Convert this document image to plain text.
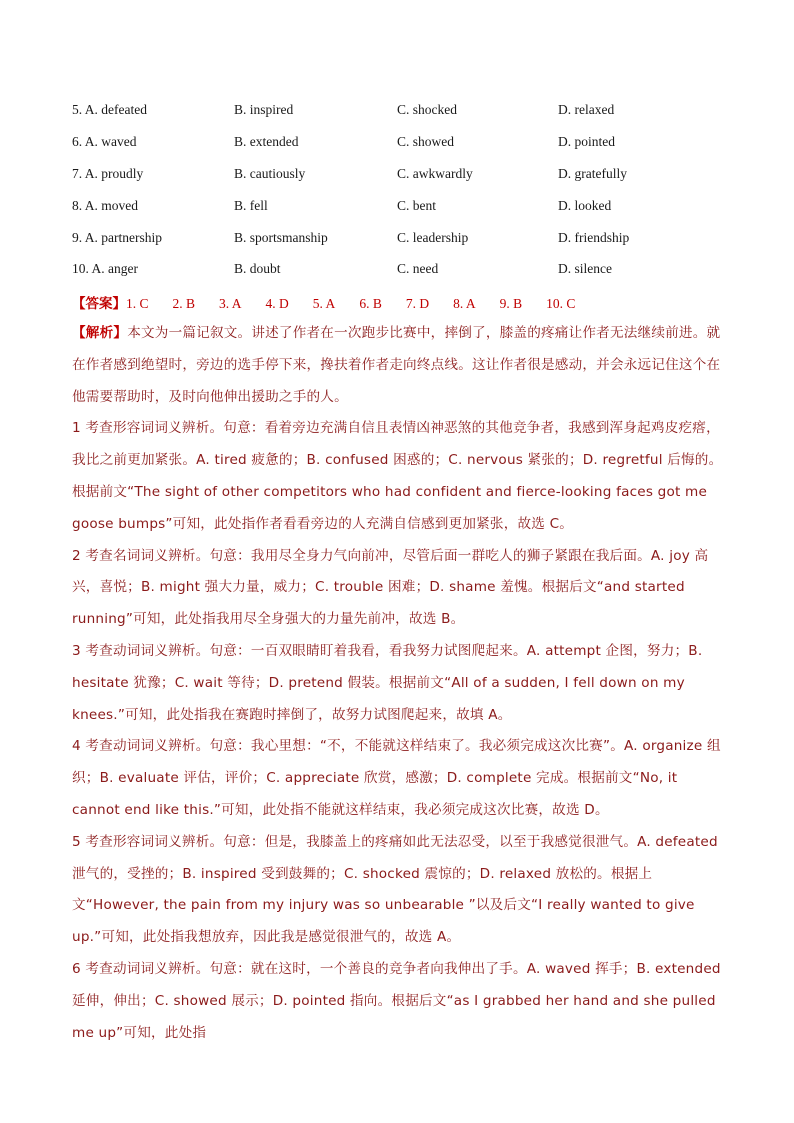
5. A. defeated	B. inspired	C. shocked	D. relaxed
6. A. waved	B. extended	C. showed	D. pointed
7. A. proudly	B. cautiously	C. awkwardly	D. gratefully
8. A. moved	B. fell	C. bent	D. looked
9. A. partnership	B. sportsmanship	C. leadership	D. friendship
10. A. anger	B. doubt	C. need	D. silence
【答案】1. C 2. B 3. A 4. D 5. A 6. B 7. D 8. A 9. B 10. C

【解析】本文为一篇记叙文。讲述了作者在一次跑步比赛中，摔倒了，膝盖的疼痛让作者无法继续前进。就在作者感到绝望时，旁边的选手停下来，搀扶着作者走向终点线。这让作者很是感动，并会永远记住这个在他需要帮助时，及时向他伸出援助之手的人。

1 考查形容词词义辨析。句意：看着旁边充满自信且表情凶神恶煞的其他竞争者，我感到浑身起鸡皮疙瘩，我比之前更加紧张。A. tired 疲惫的；B. confused 困惑的；C. nervous 紧张的；D. regretful 后悔的。根据前文“The sight of other competitors who had confident and fierce-looking faces got me goose bumps”可知，此处指作者看看旁边的人充满自信感到更加紧张，故选 C。

2 考查名词词义辨析。句意：我用尽全身力气向前冲，尽管后面一群吃人的狮子紧跟在我后面。A. joy 高兴，喜悦；B. might 强大力量，威力；C. trouble 困难；D. shame 羞愧。根据后文“and started running”可知，此处指我用尽全身强大的力量先前冲，故选 B。

3 考查动词词义辨析。句意：一百双眼睛盯着我看，看我努力试图爬起来。A. attempt 企图，努力；B. hesitate 犹豫；C. wait 等待；D. pretend 假装。根据前文“All of a sudden, I fell down on my knees.”可知，此处指我在赛跑时摔倒了，故努力试图爬起来，故填 A。

4 考查动词词义辨析。句意：我心里想：“不，不能就这样结束了。我必须完成这次比赛”。A. organize 组织；B. evaluate 评估，评价；C. appreciate 欣赏，感激；D. complete 完成。根据前文“No, it cannot end like this.”可知，此处指不能就这样结束，我必须完成这次比赛，故选 D。

5 考查形容词词义辨析。句意：但是，我膝盖上的疼痛如此无法忍受，以至于我感觉很泄气。A. defeated 泄气的，受挫的；B. inspired 受到鼓舞的；C. shocked 震惊的；D. relaxed 放松的。根据上文“However, the pain from my injury was so unbearable ”以及后文“I really wanted to give up.”可知，此处指我想放弃，因此我是感觉很泄气的，故选 A。

6 考查动词词义辨析。句意：就在这时，一个善良的竞争者向我伸出了手。A. waved 挥手；B. extended 延伸，伸出；C. showed 展示；D. pointed 指向。根据后文“as I grabbed her hand and she pulled me up”可知，此处指
